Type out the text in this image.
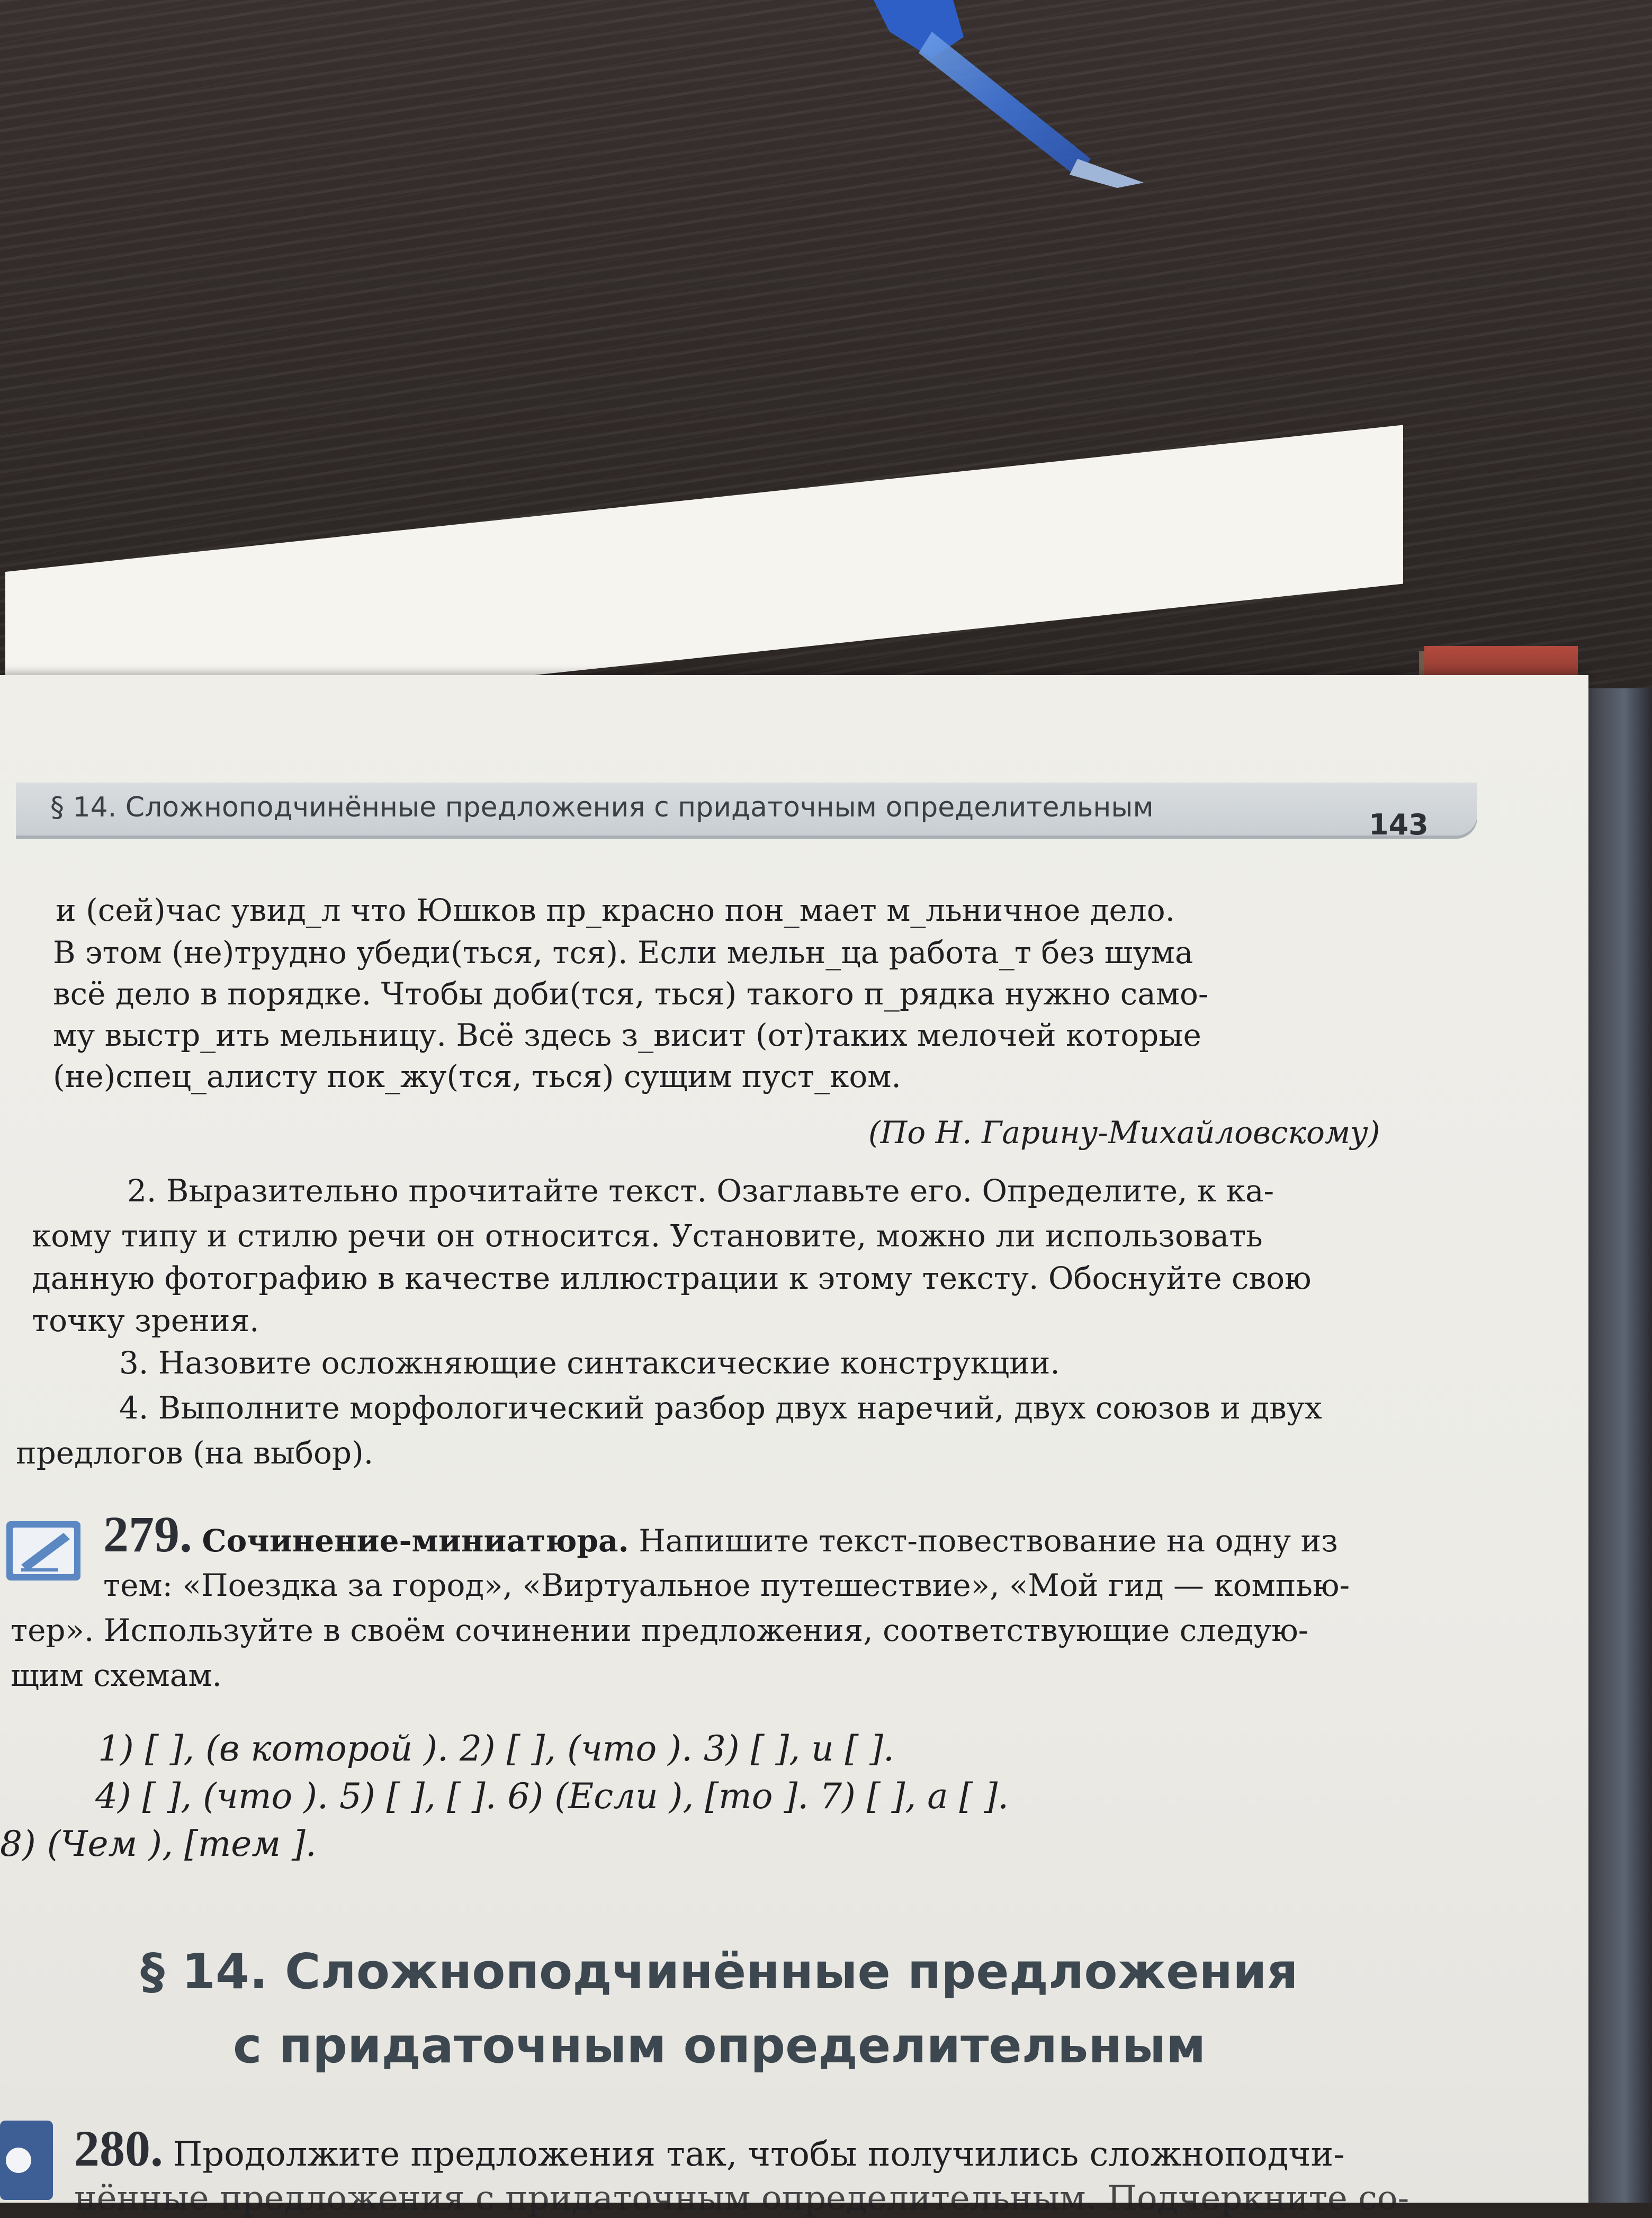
§ 14. Сложноподчинённые предложения с придаточным определительным
143
и (сей)час увид_л что Юшков пр_красно пон_мает м_льничное дело.
В этом (не)трудно убеди(ться, тся). Если мельн_ца работа_т без шума
всё дело в порядке. Чтобы доби(тся, ться) такого п_рядка нужно само-
му выстр_ить мельницу. Всё здесь з_висит (от)таких мелочей которые
(не)спец_алисту пок_жу(тся, ться) сущим пуст_ком.
(По Н. Гарину-Михайловскому)
2. Выразительно прочитайте текст. Озаглавьте его. Определите, к ка-
кому типу и стилю речи он относится. Установите, можно ли использовать
данную фотографию в качестве иллюстрации к этому тексту. Обоснуйте свою
точку зрения.
3. Назовите осложняющие синтаксические конструкции.
4. Выполните морфологический разбор двух наречий, двух союзов и двух
предлогов (на выбор).
279. Сочинение-миниатюра. Напишите текст-повествование на одну из
тем: «Поездка за город», «Виртуальное путешествие», «Мой гид — компью-
тер». Используйте в своём сочинении предложения, соответствующие следую-
щим схемам.
1) [ ], (в которой ). 2) [ ], (что ). 3) [ ], и [ ].
4) [ ], (что ). 5) [ ], [ ]. 6) (Если ), [то ]. 7) [ ], а [ ].
8) (Чем ), [тем ].
§ 14. Сложноподчинённые предложения
с придаточным определительным
280. Продолжите предложения так, чтобы получились сложноподчи-
нённые предложения с придаточным определительным. Подчеркните со-
